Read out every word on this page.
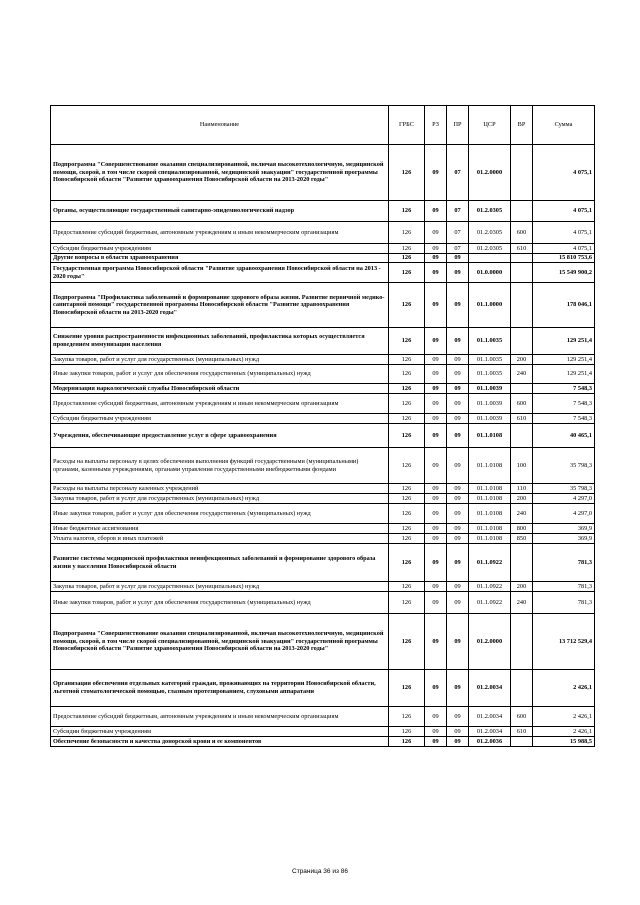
Наименование	ГРБС	РЗ	ПР	ЦСР	ВР	Сумма
Подпрограмма "Совершенствование оказания специализированной, включая высокотехнологичную, медицинской помощи, скорой, в том числе скорой специализированной, медицинской эвакуации" государственной программы Новосибирской области "Развитие здравоохранения Новосибирской области на 2013-2020 годы"	126	09	07	01.2.0000		4 075,1
Органы, осуществляющие государственный санитарно-эпидемиологический надзор	126	09	07	01.2.0305		4 075,1
Предоставление субсидий бюджетным, автономным учреждениям и иным некоммерческим организациям	126	09	07	01.2.0305	600	4 075,1
Субсидии бюджетным учреждениям	126	09	07	01.2.0305	610	4 075,1
Другие вопросы в области здравоохранения	126	09	09			15 810 753,6
Государственная программа Новосибирской области "Развитие здравоохранения Новосибирской области на 2013 - 2020 годы"	126	09	09	01.0.0000		15 549 900,2
Подпрограмма "Профилактика заболеваний и формирование здорового образа жизни. Развитие первичной медико-санитарной помощи" государственной программы Новосибирской области "Развитие здравоохранения Новосибирской области на 2013-2020 годы"	126	09	09	01.1.0000		178 046,1
Снижение уровня распространенности инфекционных заболеваний, профилактика которых осуществляется проведением иммунизации населения	126	09	09	01.1.0035		129 251,4
Закупка товаров, работ и услуг для государственных (муниципальных) нужд	126	09	09	01.1.0035	200	129 251,4
Иные закупки товаров, работ и услуг для обеспечения государственных (муниципальных) нужд	126	09	09	01.1.0035	240	129 251,4
Модернизация наркологической службы Новосибирской области	126	09	09	01.1.0039		7 548,3
Предоставление субсидий бюджетным, автономным учреждениям и иным некоммерческим организациям	126	09	09	01.1.0039	600	7 548,3
Субсидии бюджетным учреждениям	126	09	09	01.1.0039	610	7 548,3
Учреждения, обеспечивающие предоставление услуг в сфере здравоохранения	126	09	09	01.1.0108		40 465,1
Расходы на выплаты персоналу в целях обеспечения выполнения функций государственными (муниципальными) органами, казенными учреждениями, органами управления государственными внебюджетными фондами	126	09	09	01.1.0108	100	35 798,3
Расходы на выплаты персоналу казенных учреждений	126	09	09	01.1.0108	110	35 798,3
Закупка товаров, работ и услуг для государственных (муниципальных) нужд	126	09	09	01.1.0108	200	4 297,0
Иные закупки товаров, работ и услуг для обеспечения государственных (муниципальных) нужд	126	09	09	01.1.0108	240	4 297,0
Иные бюджетные ассигнования	126	09	09	01.1.0108	800	369,9
Уплата налогов, сборов и иных платежей	126	09	09	01.1.0108	850	369,9
Развитие системы медицинской профилактики неинфекционных заболеваний и формирование здорового образа жизни у населения Новосибирской области	126	09	09	01.1.0922		781,3
Закупка товаров, работ и услуг для государственных (муниципальных) нужд	126	09	09	01.1.0922	200	781,3
Иные закупки товаров, работ и услуг для обеспечения государственных (муниципальных) нужд	126	09	09	01.1.0922	240	781,3
Подпрограмма "Совершенствование оказания специализированной, включая высокотехнологичную, медицинской помощи, скорой, в том числе скорой специализированной, медицинской эвакуации" государственной программы Новосибирской области "Развитие здравоохранения Новосибирской области на 2013-2020 годы"	126	09	09	01.2.0000		13 712 529,4
Организация обеспечения отдельных категорий граждан, проживающих на территории Новосибирской области, льготной стоматологической помощью, глазным протезированием, слуховыми аппаратами	126	09	09	01.2.0034		2 426,1
Предоставление субсидий бюджетным, автономным учреждениям и иным некоммерческим организациям	126	09	09	01.2.0034	600	2 426,1
Субсидии бюджетным учреждениям	126	09	09	01.2.0034	610	2 426,1
Обеспечение безопасности и качества донорской крови и ее компонентов	126	09	09	01.2.0036		15 988,5
Страница 36 из 86
